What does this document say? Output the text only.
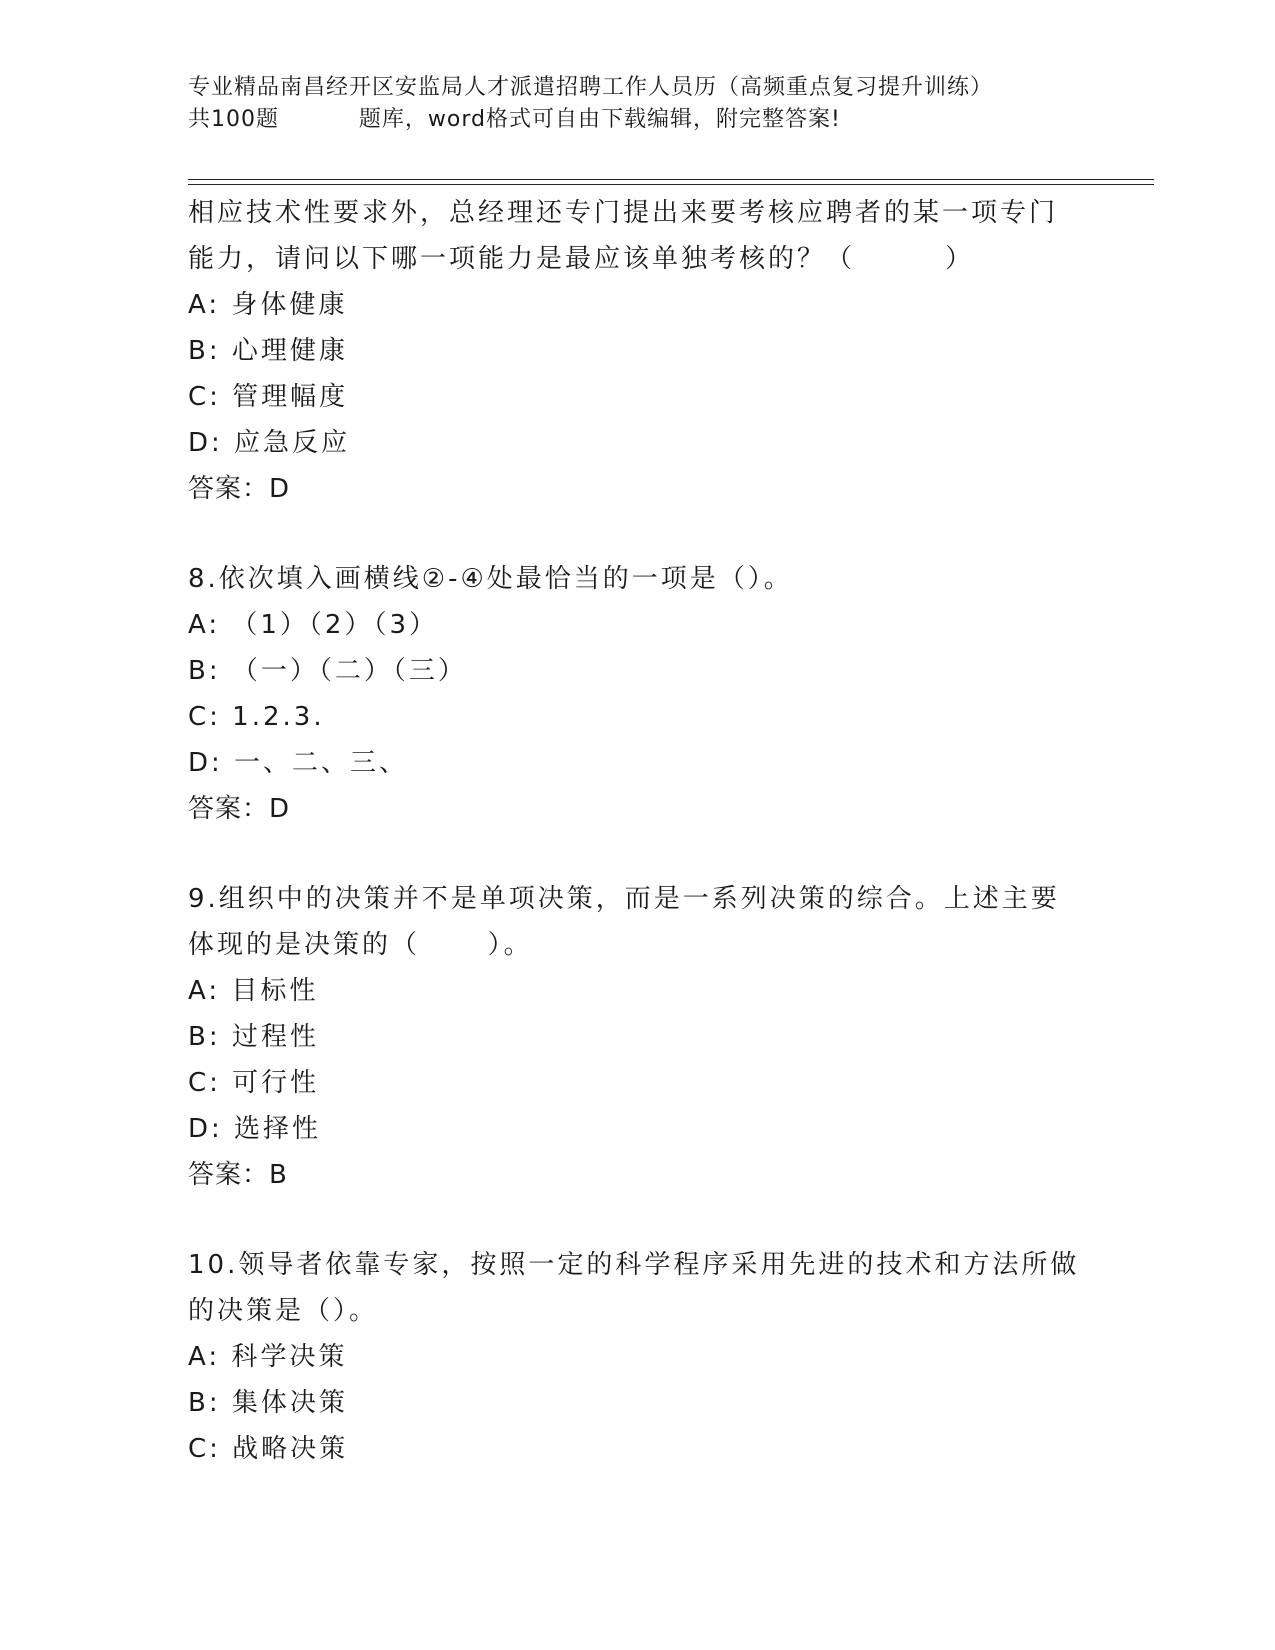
专业精品南昌经开区安监局人才派遣招聘工作人员历（高频重点复习提升训练）
共100题          题库，word格式可自由下载编辑，附完整答案!

相应技术性要求外，总经理还专门提出来要考核应聘者的某一项专门

能力，请问以下哪一项能力是最应该单独考核的？（        ）

A: 身体健康

B: 心理健康

C: 管理幅度

D: 应急反应

答案：D

8.依次填入画横线②-④处最恰当的一项是（）。

A: （1）（2）（3）

B: （一）（二）（三）

C: 1.2.3.

D: 一、二、三、

答案：D

9.组织中的决策并不是单项决策，而是一系列决策的综合。上述主要

体现的是决策的（      ）。

A: 目标性

B: 过程性

C: 可行性

D: 选择性

答案：B

10.领导者依靠专家，按照一定的科学程序采用先进的技术和方法所做

的决策是（）。

A: 科学决策

B: 集体决策

C: 战略决策
